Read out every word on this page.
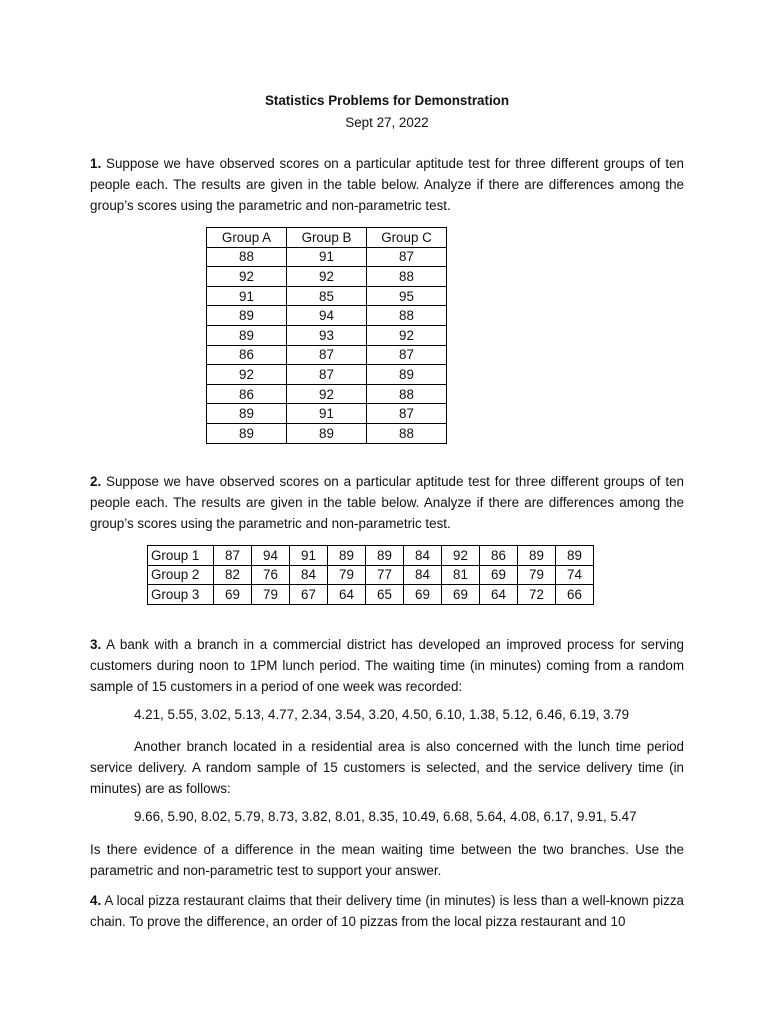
Statistics Problems for Demonstration
Sept 27, 2022
1. Suppose we have observed scores on a particular aptitude test for three different groups of ten people each. The results are given in the table below. Analyze if there are differences among the group’s scores using the parametric and non-parametric test.
Group A	Group B	Group C
88	91	87
92	92	88
91	85	95
89	94	88
89	93	92
86	87	87
92	87	89
86	92	88
89	91	87
89	89	88
2. Suppose we have observed scores on a particular aptitude test for three different groups of ten people each. The results are given in the table below. Analyze if there are differences among the group’s scores using the parametric and non-parametric test.
Group 1	87	94	91	89	89	84	92	86	89	89
Group 2	82	76	84	79	77	84	81	69	79	74
Group 3	69	79	67	64	65	69	69	64	72	66
3. A bank with a branch in a commercial district has developed an improved process for serving customers during noon to 1PM lunch period. The waiting time (in minutes) coming from a random sample of 15 customers in a period of one week was recorded:
4.21, 5.55, 3.02, 5.13, 4.77, 2.34, 3.54, 3.20, 4.50, 6.10, 1.38, 5.12, 6.46, 6.19, 3.79
Another branch located in a residential area is also concerned with the lunch time period service delivery. A random sample of 15 customers is selected, and the service delivery time (in minutes) are as follows:
9.66, 5.90, 8.02, 5.79, 8.73, 3.82, 8.01, 8.35, 10.49, 6.68, 5.64, 4.08, 6.17, 9.91, 5.47
Is there evidence of a difference in the mean waiting time between the two branches. Use the parametric and non-parametric test to support your answer.
4. A local pizza restaurant claims that their delivery time (in minutes) is less than a well-known pizza chain. To prove the difference, an order of 10 pizzas from the local pizza restaurant and 10
